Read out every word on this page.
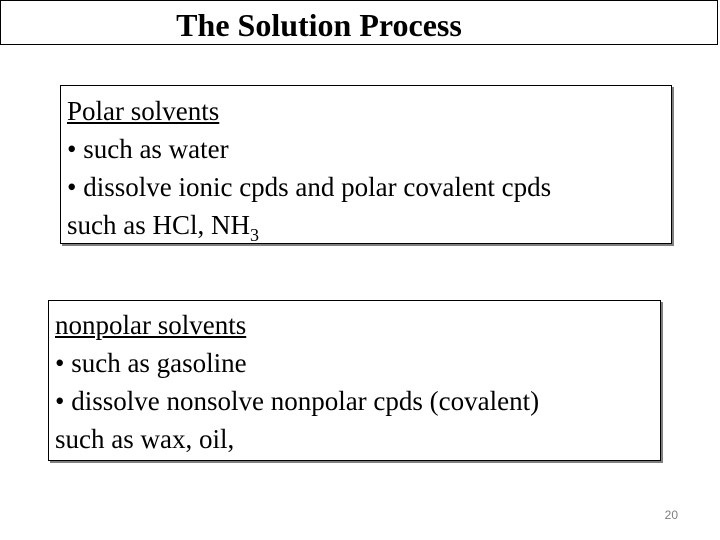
The Solution Process
Polar solvents
• such as water
• dissolve ionic cpds and polar covalent cpds
such as HCl, $NH_3$
nonpolar solvents
• such as gasoline
• dissolve nonsolve nonpolar cpds (covalent)
such as wax, oil,
20
